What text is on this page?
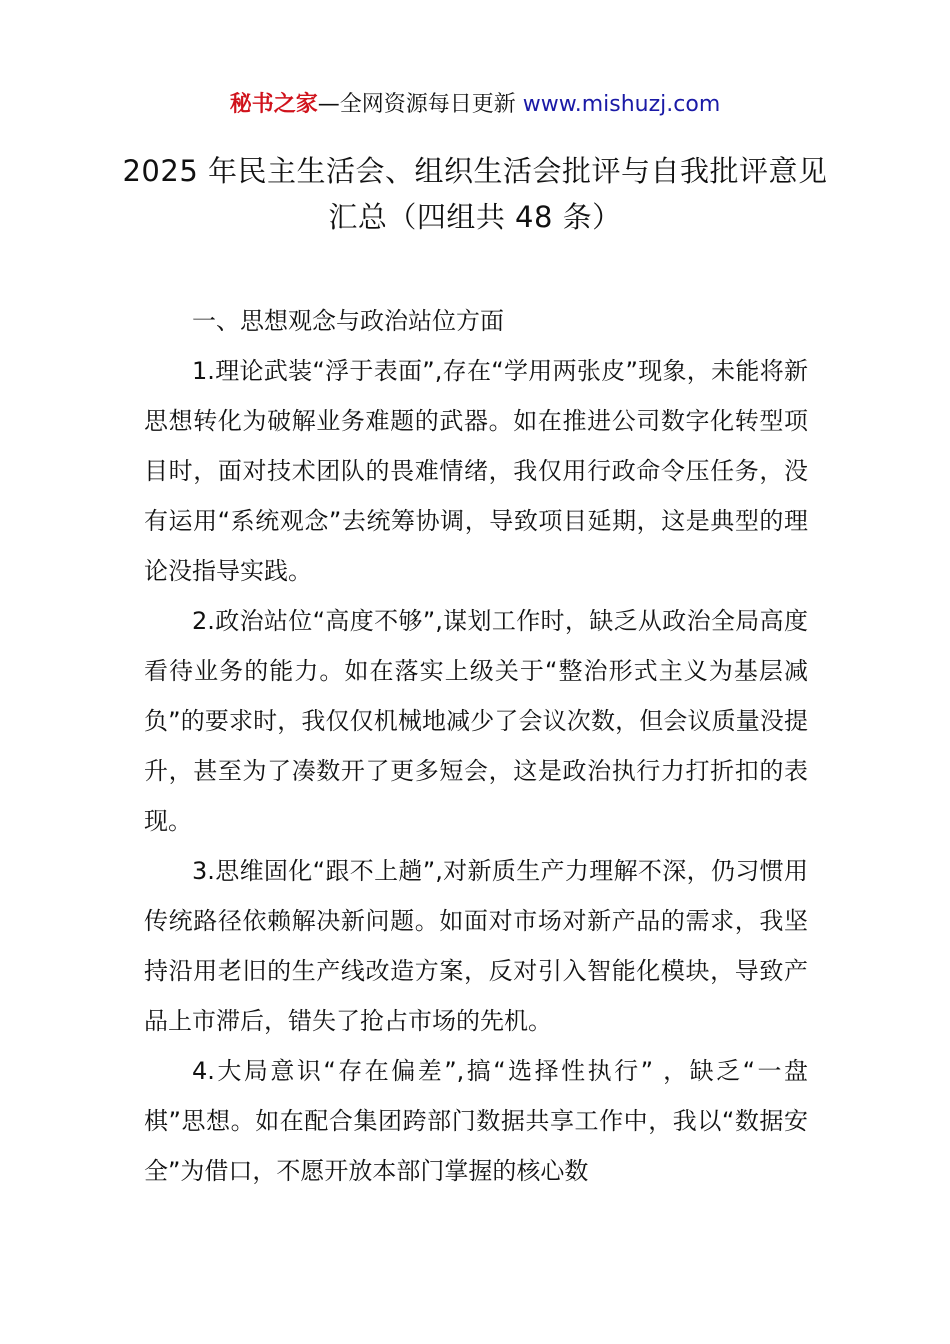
秘书之家—全网资源每日更新 www.mishuzj.com
2025 年民主生活会、组织生活会批评与自我批评意见汇总（四组共 48 条）

一、思想观念与政治站位方面

1.理论武装“浮于表面”,存在“学用两张皮”现象，未能将新思想转化为破解业务难题的武器。如在推进公司数字化转型项目时，面对技术团队的畏难情绪，我仅用行政命令压任务，没有运用“系统观念”去统筹协调，导致项目延期，这是典型的理论没指导实践。

2.政治站位“高度不够”,谋划工作时，缺乏从政治全局高度看待业务的能力。如在落实上级关于“整治形式主义为基层减负”的要求时，我仅仅机械地减少了会议次数，但会议质量没提升，甚至为了凑数开了更多短会，这是政治执行力打折扣的表现。

3.思维固化“跟不上趟”,对新质生产力理解不深，仍习惯用传统路径依赖解决新问题。如面对市场对新产品的需求，我坚持沿用老旧的生产线改造方案，反对引入智能化模块，导致产品上市滞后，错失了抢占市场的先机。

4.大局意识“存在偏差”,搞“选择性执行” ，缺乏“一盘棋”思想。如在配合集团跨部门数据共享工作中，我以“数据安全”为借口，不愿开放本部门掌握的核心数
